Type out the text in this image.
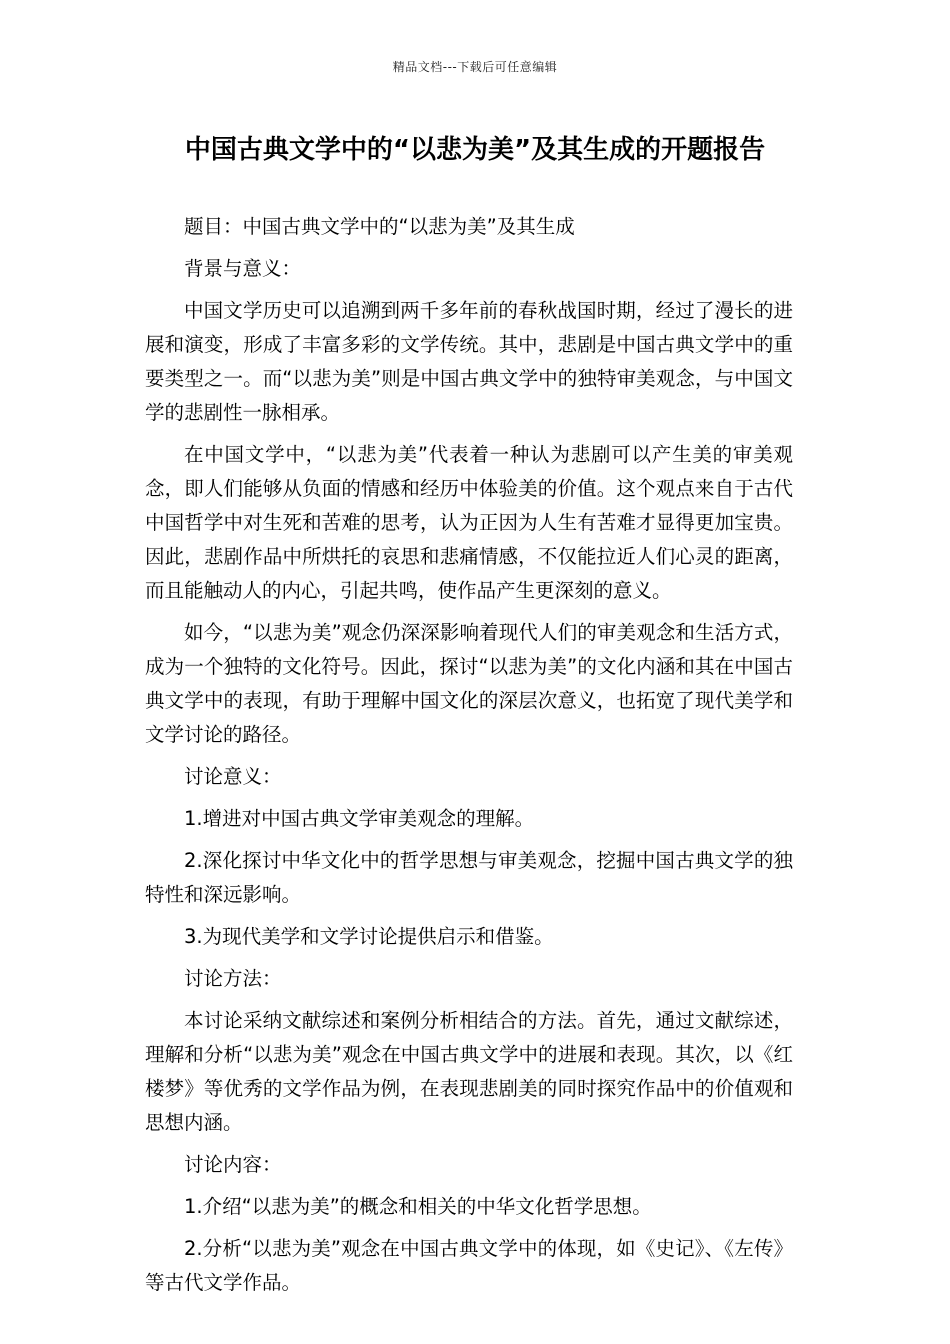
精品文档---下载后可任意编辑
中国古典文学中的“以悲为美”及其生成的开题报告

题目：中国古典文学中的“以悲为美”及其生成

背景与意义：

中国文学历史可以追溯到两千多年前的春秋战国时期，经过了漫长的进展和演变，形成了丰富多彩的文学传统。其中，悲剧是中国古典文学中的重要类型之一。而“以悲为美”则是中国古典文学中的独特审美观念，与中国文学的悲剧性一脉相承。

在中国文学中，“以悲为美”代表着一种认为悲剧可以产生美的审美观念，即人们能够从负面的情感和经历中体验美的价值。这个观点来自于古代中国哲学中对生死和苦难的思考，认为正因为人生有苦难才显得更加宝贵。因此，悲剧作品中所烘托的哀思和悲痛情感，不仅能拉近人们心灵的距离，而且能触动人的内心，引起共鸣，使作品产生更深刻的意义。

如今，“以悲为美”观念仍深深影响着现代人们的审美观念和生活方式，成为一个独特的文化符号。因此，探讨“以悲为美”的文化内涵和其在中国古典文学中的表现，有助于理解中国文化的深层次意义，也拓宽了现代美学和文学讨论的路径。

讨论意义：

1.增进对中国古典文学审美观念的理解。

2.深化探讨中华文化中的哲学思想与审美观念，挖掘中国古典文学的独特性和深远影响。

3.为现代美学和文学讨论提供启示和借鉴。

讨论方法：

本讨论采纳文献综述和案例分析相结合的方法。首先，通过文献综述，理解和分析“以悲为美”观念在中国古典文学中的进展和表现。其次，以《红楼梦》等优秀的文学作品为例，在表现悲剧美的同时探究作品中的价值观和思想内涵。

讨论内容：

1.介绍“以悲为美”的概念和相关的中华文化哲学思想。

2.分析“以悲为美”观念在中国古典文学中的体现，如《史记》、《左传》等古代文学作品。
